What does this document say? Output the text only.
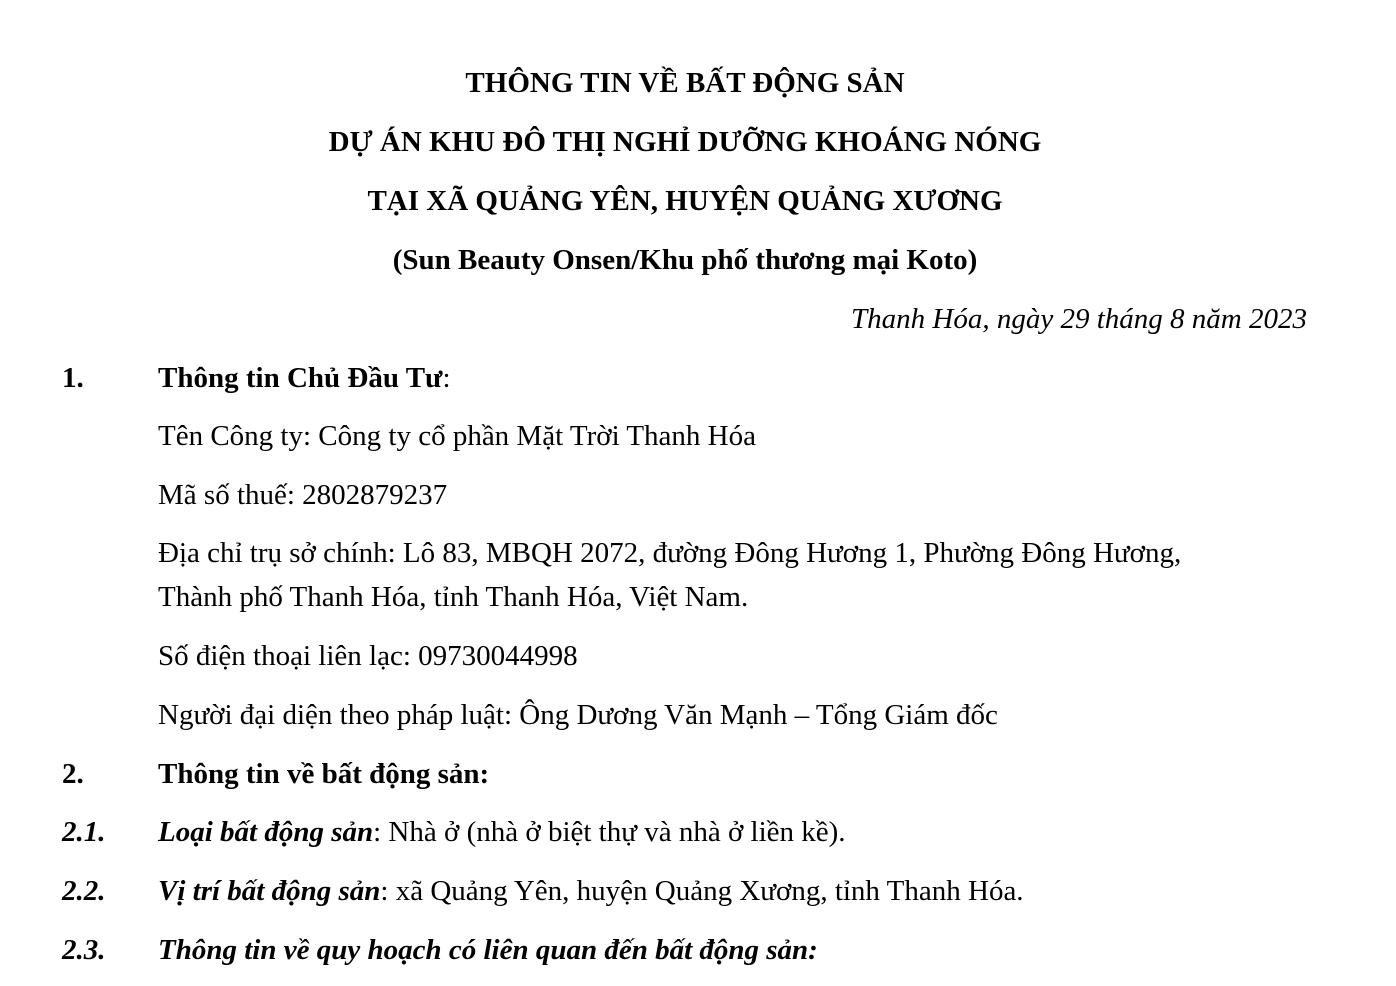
THÔNG TIN VỀ BẤT ĐỘNG SẢN
DỰ ÁN KHU ĐÔ THỊ NGHỈ DƯỠNG KHOÁNG NÓNG
TẠI XÃ QUẢNG YÊN, HUYỆN QUẢNG XƯƠNG
(Sun Beauty Onsen/Khu phố thương mại Koto)
Thanh Hóa, ngày 29 tháng 8 năm 2023
1.	Thông tin Chủ Đầu Tư:
Tên Công ty: Công ty cổ phần Mặt Trời Thanh Hóa
Mã số thuế: 2802879237
Địa chỉ trụ sở chính: Lô 83, MBQH 2072, đường Đông Hương 1, Phường Đông Hương,
Thành phố Thanh Hóa, tỉnh Thanh Hóa, Việt Nam.
Số điện thoại liên lạc: 09730044998
Người đại diện theo pháp luật: Ông Dương Văn Mạnh – Tổng Giám đốc
2.	Thông tin về bất động sản:
2.1. Loại bất động sản: Nhà ở (nhà ở biệt thự và nhà ở liền kề).
2.2. Vị trí bất động sản: xã Quảng Yên, huyện Quảng Xương, tỉnh Thanh Hóa.
2.3. Thông tin về quy hoạch có liên quan đến bất động sản:
